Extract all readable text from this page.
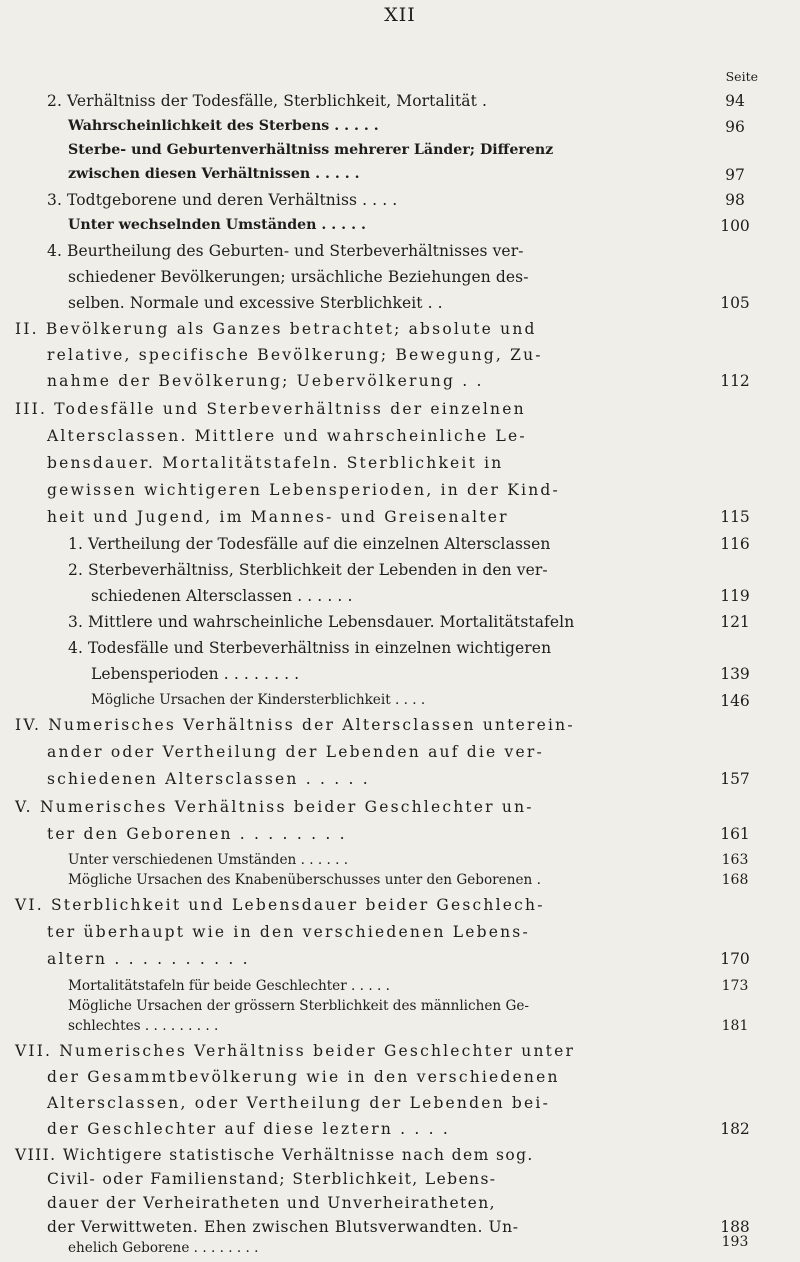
XII
Seite
2. Verhältniss der Todesfälle, Sterblichkeit, Mortalität .
Wahrscheinlichkeit des Sterbens . . . . .
Sterbe- und Geburtenverhältniss mehrerer Länder; Differenz
zwischen diesen Verhältnissen . . . . .
3. Todtgeborene und deren Verhältniss . . . .
Unter wechselnden Umständen . . . . .
4. Beurtheilung des Geburten- und Sterbeverhältnisses ver-
schiedener Bevölkerungen; ursächliche Beziehungen des-
selben. Normale und excessive Sterblichkeit . .
II. Bevölkerung als Ganzes betrachtet; absolute und
relative, specifische Bevölkerung; Bewegung, Zu-
nahme der Bevölkerung; Uebervölkerung . .
III. Todesfälle und Sterbeverhältniss der einzelnen
Altersclassen. Mittlere und wahrscheinliche Le-
bensdauer. Mortalitätstafeln. Sterblichkeit in
gewissen wichtigeren Lebensperioden, in der Kind-
heit und Jugend, im Mannes- und Greisenalter
1. Vertheilung der Todesfälle auf die einzelnen Altersclassen
2. Sterbeverhältniss, Sterblichkeit der Lebenden in den ver-
schiedenen Altersclassen . . . . . .
3. Mittlere und wahrscheinliche Lebensdauer. Mortalitätstafeln
4. Todesfälle und Sterbeverhältniss in einzelnen wichtigeren
Lebensperioden . . . . . . . .
Mögliche Ursachen der Kindersterblichkeit . . . .
IV. Numerisches Verhältniss der Altersclassen unterein-
ander oder Vertheilung der Lebenden auf die ver-
schiedenen Altersclassen . . . . .
V. Numerisches Verhältniss beider Geschlechter un-
ter den Geborenen . . . . . . . .
Unter verschiedenen Umständen . . . . . .
Mögliche Ursachen des Knabenüberschusses unter den Geborenen .
VI. Sterblichkeit und Lebensdauer beider Geschlech-
ter überhaupt wie in den verschiedenen Lebens-
altern . . . . . . . . . .
Mortalitätstafeln für beide Geschlechter . . . . .
Mögliche Ursachen der grössern Sterblichkeit des männlichen Ge-
schlechtes . . . . . . . . .
VII. Numerisches Verhältniss beider Geschlechter unter
der Gesammtbevölkerung wie in den verschiedenen
Altersclassen, oder Vertheilung der Lebenden bei-
der Geschlechter auf diese leztern . . . .
VIII. Wichtigere statistische Verhältnisse nach dem sog.
Civil- oder Familienstand; Sterblichkeit, Lebens-
dauer der Verheiratheten und Unverheiratheten,
der Verwittweten. Ehen zwischen Blutsverwandten. Un-
ehelich Geborene . . . . . . . .
94
96
97
98
100
105
112
115
116
119
121
139
146
157
161
163
168
170
173
181
182
188
193
